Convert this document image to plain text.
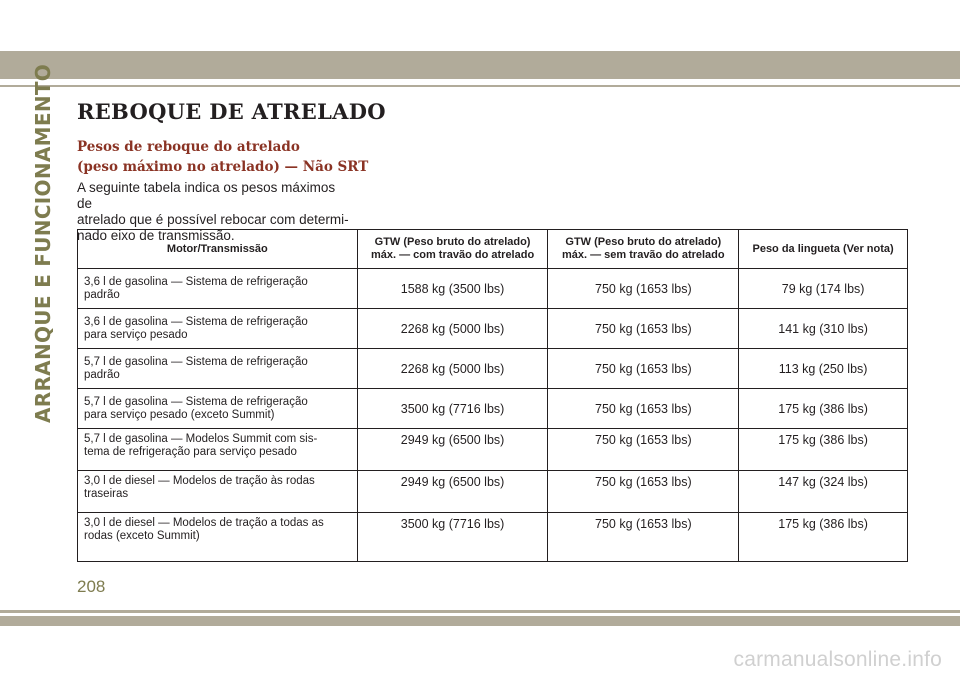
ARRANQUE E FUNCIONAMENTO REBOQUE DE ATRELADO
Pesos de reboque do atrelado
(peso máximo no atrelado) — Não SRT

A seguinte tabela indica os pesos máximos de
atrelado que é possível rebocar com determi-
nado eixo de transmissão.

Motor/Transmissão	GTW (Peso bruto do atrelado)
máx. — com travão do atrelado	GTW (Peso bruto do atrelado)
máx. — sem travão do atrelado	Peso da lingueta (Ver nota)
3,6 l de gasolina — Sistema de refrigeração
padrão	1588 kg (3500 lbs)	750 kg (1653 lbs)	79 kg (174 lbs)
3,6 l de gasolina — Sistema de refrigeração
para serviço pesado	2268 kg (5000 lbs)	750 kg (1653 lbs)	141 kg (310 lbs)
5,7 l de gasolina — Sistema de refrigeração
padrão	2268 kg (5000 lbs)	750 kg (1653 lbs)	113 kg (250 lbs)
5,7 l de gasolina — Sistema de refrigeração
para serviço pesado (exceto Summit)	3500 kg (7716 lbs)	750 kg (1653 lbs)	175 kg (386 lbs)
5,7 l de gasolina — Modelos Summit com sis-
tema de refrigeração para serviço pesado	2949 kg (6500 lbs)	750 kg (1653 lbs)	175 kg (386 lbs)
3,0 l de diesel — Modelos de tração às rodas
traseiras	2949 kg (6500 lbs)	750 kg (1653 lbs)	147 kg (324 lbs)
3,0 l de diesel — Modelos de tração a todas as
rodas (exceto Summit)	3500 kg (7716 lbs)	750 kg (1653 lbs)	175 kg (386 lbs)
208
carmanualsonline.info
